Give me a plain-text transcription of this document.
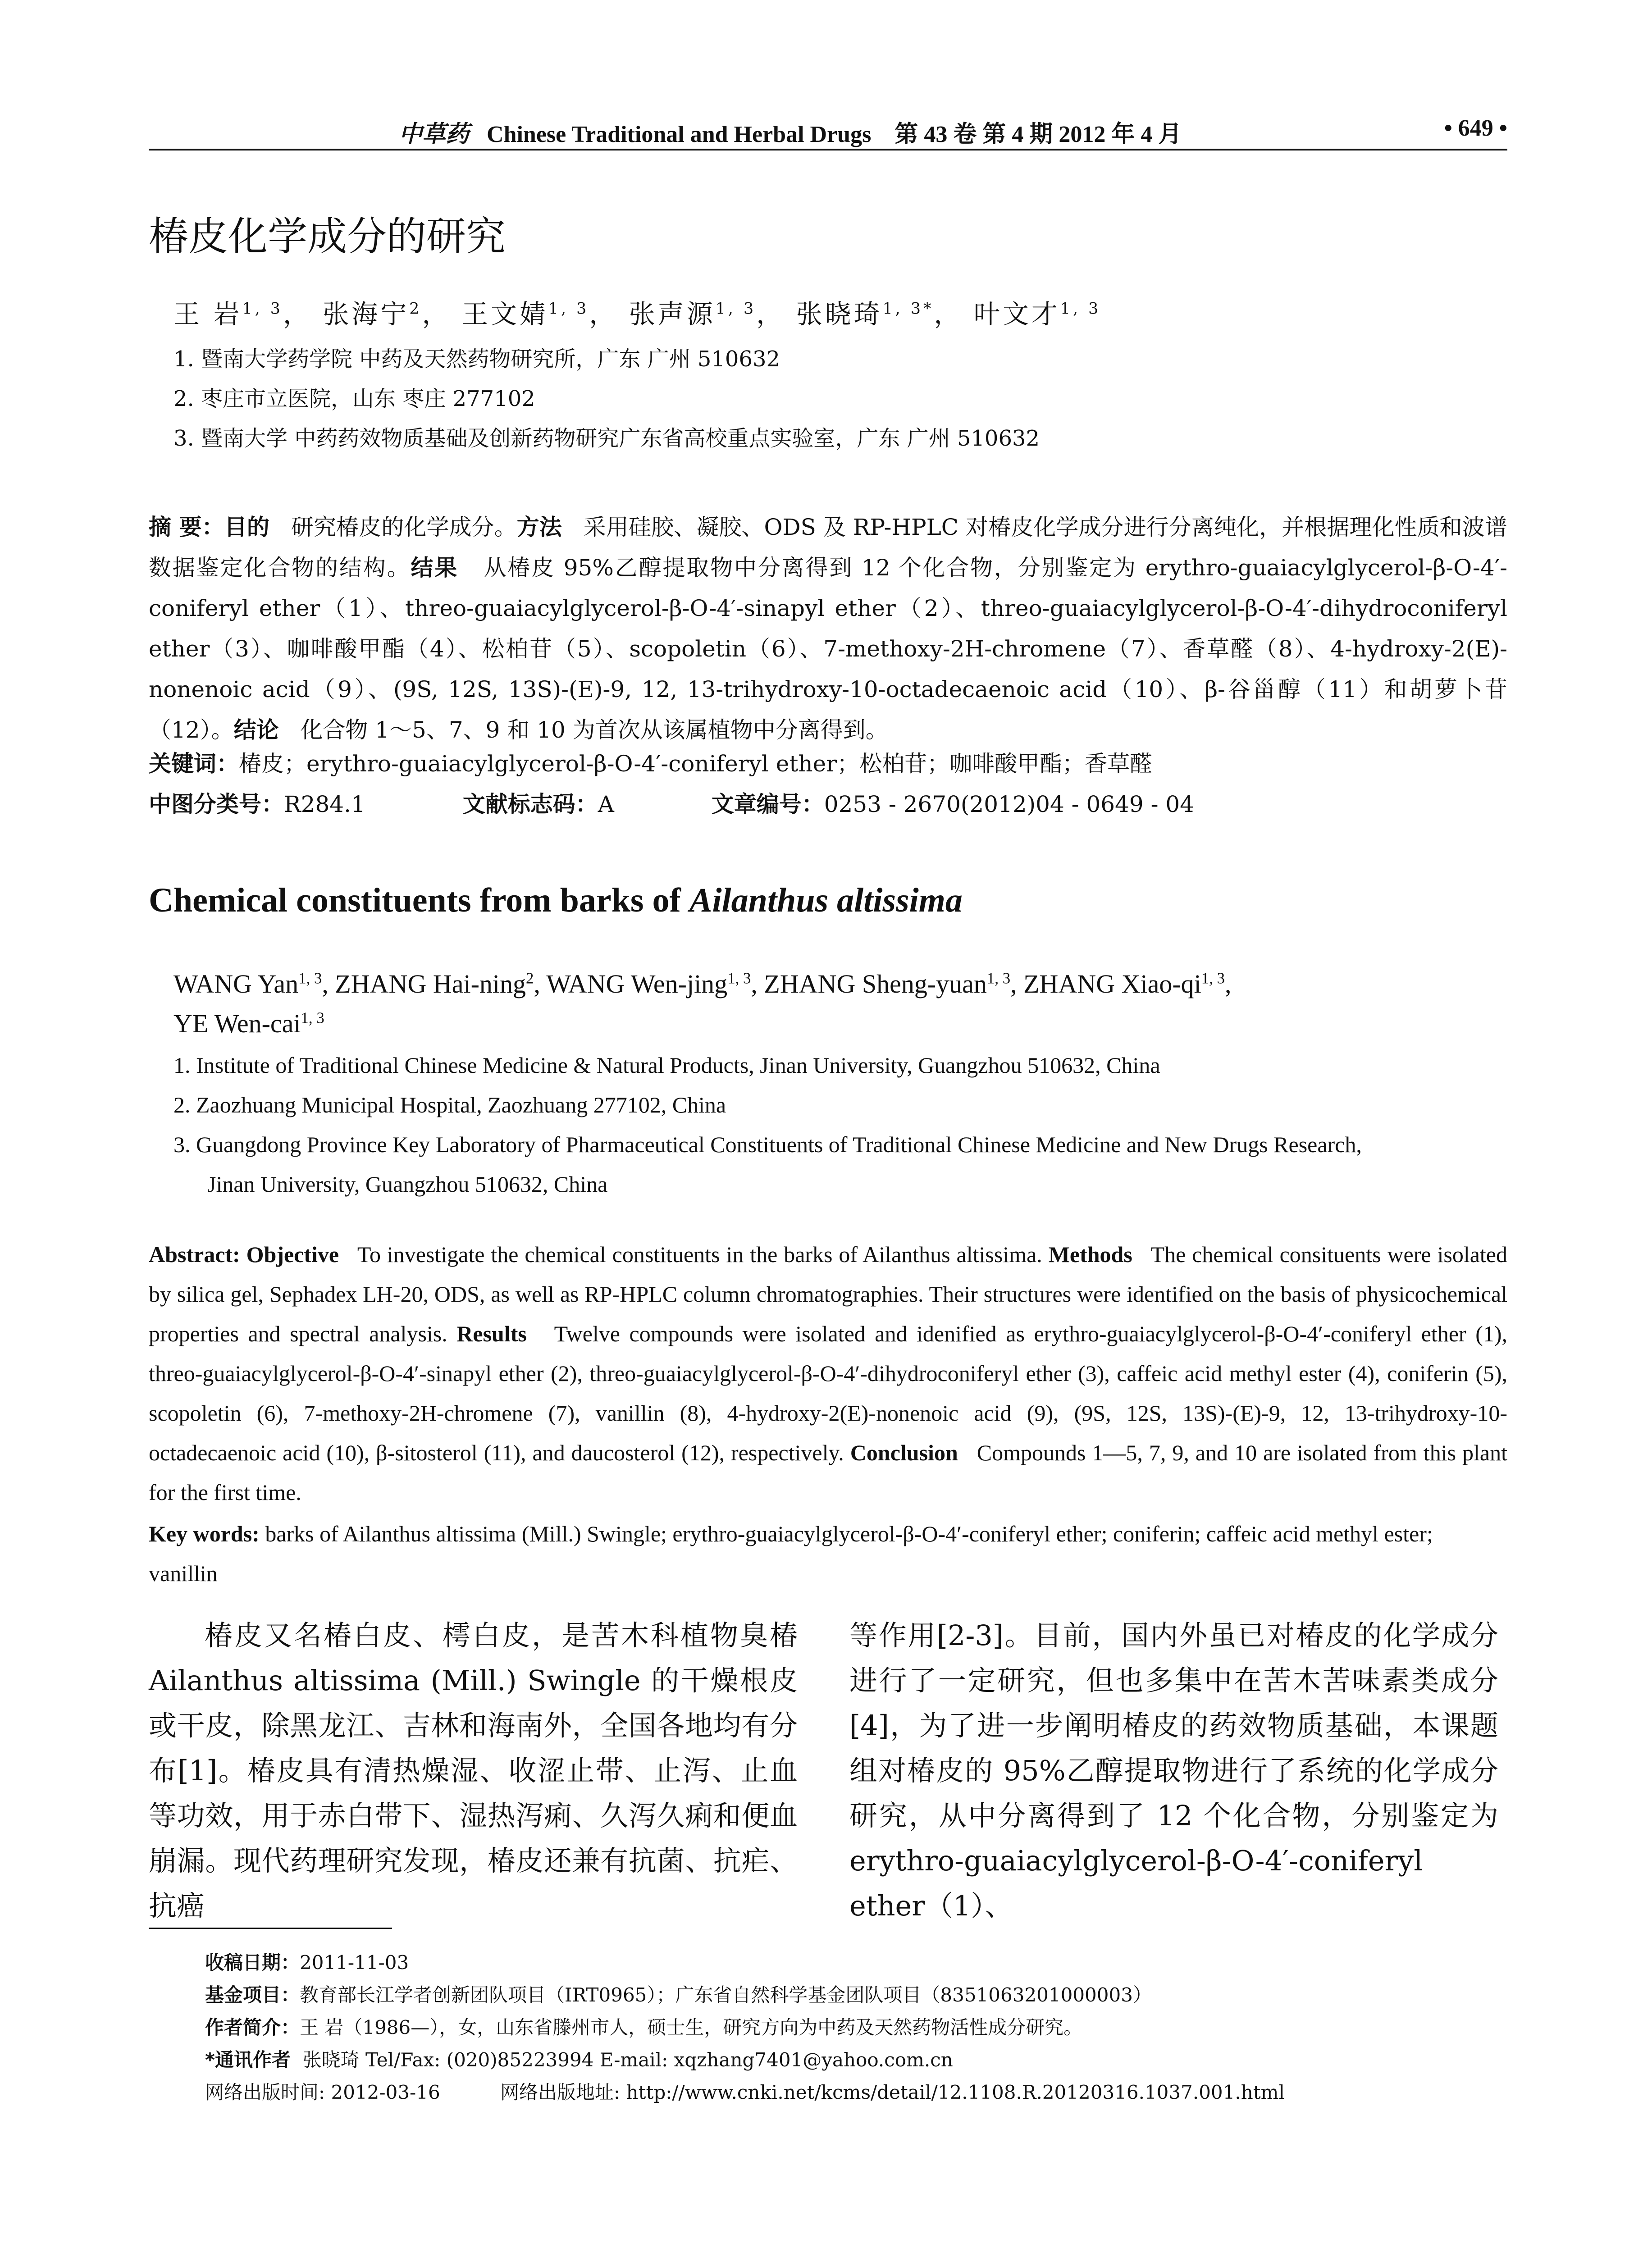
中草药 Chinese Traditional and Herbal Drugs 第 43 卷 第 4 期 2012 年 4 月	• 649 •
椿皮化学成分的研究
王 岩$^{1, 3}$， 张海宁$^2$， 王文婧$^{1, 3}$， 张声源$^{1, 3}$， 张晓琦$^{1, 3*}$， 叶文才$^{1, 3}$
1. 暨南大学药学院 中药及天然药物研究所，广东 广州 510632
2. 枣庄市立医院，山东 枣庄 277102
3. 暨南大学 中药药效物质基础及创新药物研究广东省高校重点实验室，广东 广州 510632
摘 要：目的 研究椿皮的化学成分。方法 采用硅胶、凝胶、ODS 及 RP-HPLC 对椿皮化学成分进行分离纯化，并根据理化性质和波谱数据鉴定化合物的结构。结果 从椿皮 95%乙醇提取物中分离得到 12 个化合物，分别鉴定为 erythro-guaiacylglycerol-β-O-4′-coniferyl ether（1）、threo-guaiacylglycerol-β-O-4′-sinapyl ether（2）、threo-guaiacylglycerol-β-O-4′-dihydroconiferyl ether（3）、咖啡酸甲酯（4）、松柏苷（5）、scopoletin（6）、7-methoxy-2H-chromene（7）、香草醛（8）、4-hydroxy-2(E)-nonenoic acid（9）、(9S, 12S, 13S)-(E)-9, 12, 13-trihydroxy-10-octadecaenoic acid（10）、β-谷甾醇（11）和胡萝卜苷（12）。结论 化合物 1～5、7、9 和 10 为首次从该属植物中分离得到。
关键词：椿皮；erythro-guaiacylglycerol-β-O-4′-coniferyl ether；松柏苷；咖啡酸甲酯；香草醛
中图分类号：R284.1	文献标志码：A	文章编号：0253 - 2670(2012)04 - 0649 - 04
Chemical constituents from barks of Ailanthus altissima
WANG Yan$^{1, 3}$, ZHANG Hai-ning$^2$, WANG Wen-jing$^{1, 3}$, ZHANG Sheng-yuan$^{1, 3}$, ZHANG Xiao-qi$^{1, 3}$,
YE Wen-cai$^{1, 3}$
1. Institute of Traditional Chinese Medicine & Natural Products, Jinan University, Guangzhou 510632, China
2. Zaozhuang Municipal Hospital, Zaozhuang 277102, China
3. Guangdong Province Key Laboratory of Pharmaceutical Constituents of Traditional Chinese Medicine and New Drugs Research,
Jinan University, Guangzhou 510632, China
Abstract: Objective To investigate the chemical constituents in the barks of Ailanthus altissima. Methods The chemical consituents were isolated by silica gel, Sephadex LH-20, ODS, as well as RP-HPLC column chromatographies. Their structures were identified on the basis of physicochemical properties and spectral analysis. Results Twelve compounds were isolated and idenified as erythro-guaiacylglycerol-β-O-4′-coniferyl ether (1), threo-guaiacylglycerol-β-O-4′-sinapyl ether (2), threo-guaiacylglycerol-β-O-4′-dihydroconiferyl ether (3), caffeic acid methyl ester (4), coniferin (5), scopoletin (6), 7-methoxy-2H-chromene (7), vanillin (8), 4-hydroxy-2(E)-nonenoic acid (9), (9S, 12S, 13S)-(E)-9, 12, 13-trihydroxy-10-octadecaenoic acid (10), β-sitosterol (11), and daucosterol (12), respectively. Conclusion Compounds 1—5, 7, 9, and 10 are isolated from this plant for the first time.
Key words: barks of Ailanthus altissima (Mill.) Swingle; erythro-guaiacylglycerol-β-O-4′-coniferyl ether; coniferin; caffeic acid methyl ester; vanillin

椿皮又名椿白皮、樗白皮，是苦木科植物臭椿 Ailanthus altissima (Mill.) Swingle 的干燥根皮或干皮，除黑龙江、吉林和海南外，全国各地均有分布[1]。椿皮具有清热燥湿、收涩止带、止泻、止血等功效，用于赤白带下、湿热泻痢、久泻久痢和便血崩漏。现代药理研究发现，椿皮还兼有抗菌、抗疟、抗癌

等作用[2-3]。目前，国内外虽已对椿皮的化学成分进行了一定研究，但也多集中在苦木苦味素类成分[4]，为了进一步阐明椿皮的药效物质基础，本课题组对椿皮的 95%乙醇提取物进行了系统的化学成分研究，从中分离得到了 12 个化合物，分别鉴定为 erythro-guaiacylglycerol-β-O-4′-coniferyl ether（1）、

收稿日期：2011-11-03
基金项目：教育部长江学者创新团队项目（IRT0965）；广东省自然科学基金团队项目（8351063201000003）
作者简介：王 岩（1986—），女，山东省滕州市人，硕士生，研究方向为中药及天然药物活性成分研究。
*通讯作者 张晓琦 Tel/Fax: (020)85223994 E-mail: xqzhang7401@yahoo.com.cn
网络出版时间: 2012-03-16	网络出版地址: http://www.cnki.net/kcms/detail/12.1108.R.20120316.1037.001.html
